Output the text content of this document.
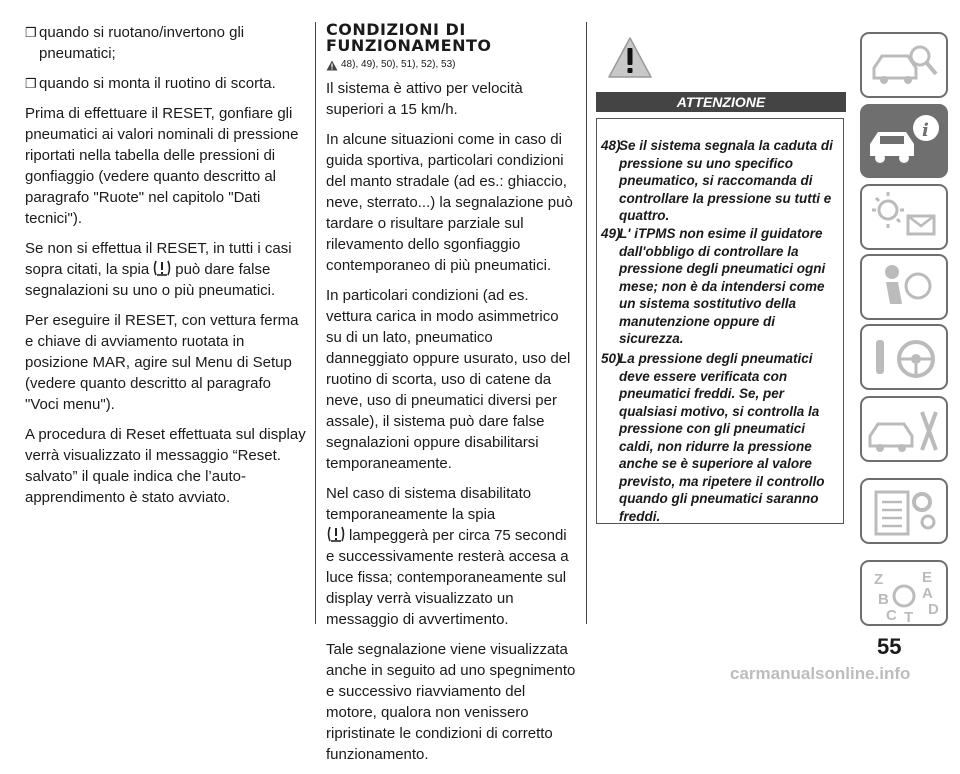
❒ quando si ruotano/invertono gli pneumatici;

❒ quando si monta il ruotino di scorta.

Prima di effettuare il RESET, gonfiare gli pneumatici ai valori nominali di pressione riportati nella tabella delle pressioni di gonfiaggio (vedere quanto descritto al paragrafo "Ruote" nel capitolo "Dati tecnici").

Se non si effettua il RESET, in tutti i casi sopra citati, la spia può dare false segnalazioni su uno o più pneumatici.

Per eseguire il RESET, con vettura ferma e chiave di avviamento ruotata in posizione MAR, agire sul Menu di Setup (vedere quanto descritto al paragrafo "Voci menu").

A procedura di Reset effettuata sul display verrà visualizzato il messaggio “Reset. salvato” il quale indica che l’auto-apprendimento è stato avviato.

CONDIZIONI DI
FUNZIONAMENTO
48), 49), 50), 51), 52), 53)

Il sistema è attivo per velocità superiori a 15 km/h.

In alcune situazioni come in caso di guida sportiva, particolari condizioni del manto stradale (ad es.: ghiaccio, neve, sterrato...) la segnalazione può tardare o risultare parziale sul rilevamento dello sgonfiaggio contemporaneo di più pneumatici.

In particolari condizioni (ad es. vettura carica in modo asimmetrico su di un lato, pneumatico danneggiato oppure usurato, uso del ruotino di scorta, uso di catene da neve, uso di pneumatici diversi per assale), il sistema può dare false segnalazioni oppure disabilitarsi temporaneamente.

Nel caso di sistema disabilitato temporaneamente la spia
lampeggerà per circa 75 secondi e successivamente resterà accesa a luce fissa; contemporaneamente sul display verrà visualizzato un messaggio di avvertimento.

Tale segnalazione viene visualizzata anche in seguito ad uno spegnimento e successivo riavviamento del motore, qualora non venissero ripristinate le condizioni di corretto funzionamento.

ATTENZIONE
i
Z	E
A
B
C T D
55
carmanualsonline.info
48)
Se il sistema segnala la caduta di pressione su uno specifico pneumatico, si raccomanda di controllare la pressione su tutti e quattro.
49)
L' iTPMS non esime il guidatore dall'obbligo di controllare la pressione degli pneumatici ogni mese; non è da intendersi come un sistema sostitutivo della manutenzione oppure di sicurezza.
50)
La pressione degli pneumatici deve essere verificata con pneumatici freddi. Se, per qualsiasi motivo, si controlla la pressione con gli pneumatici caldi, non ridurre la pressione anche se è superiore al valore previsto, ma ripetere il controllo quando gli pneumatici saranno freddi.
